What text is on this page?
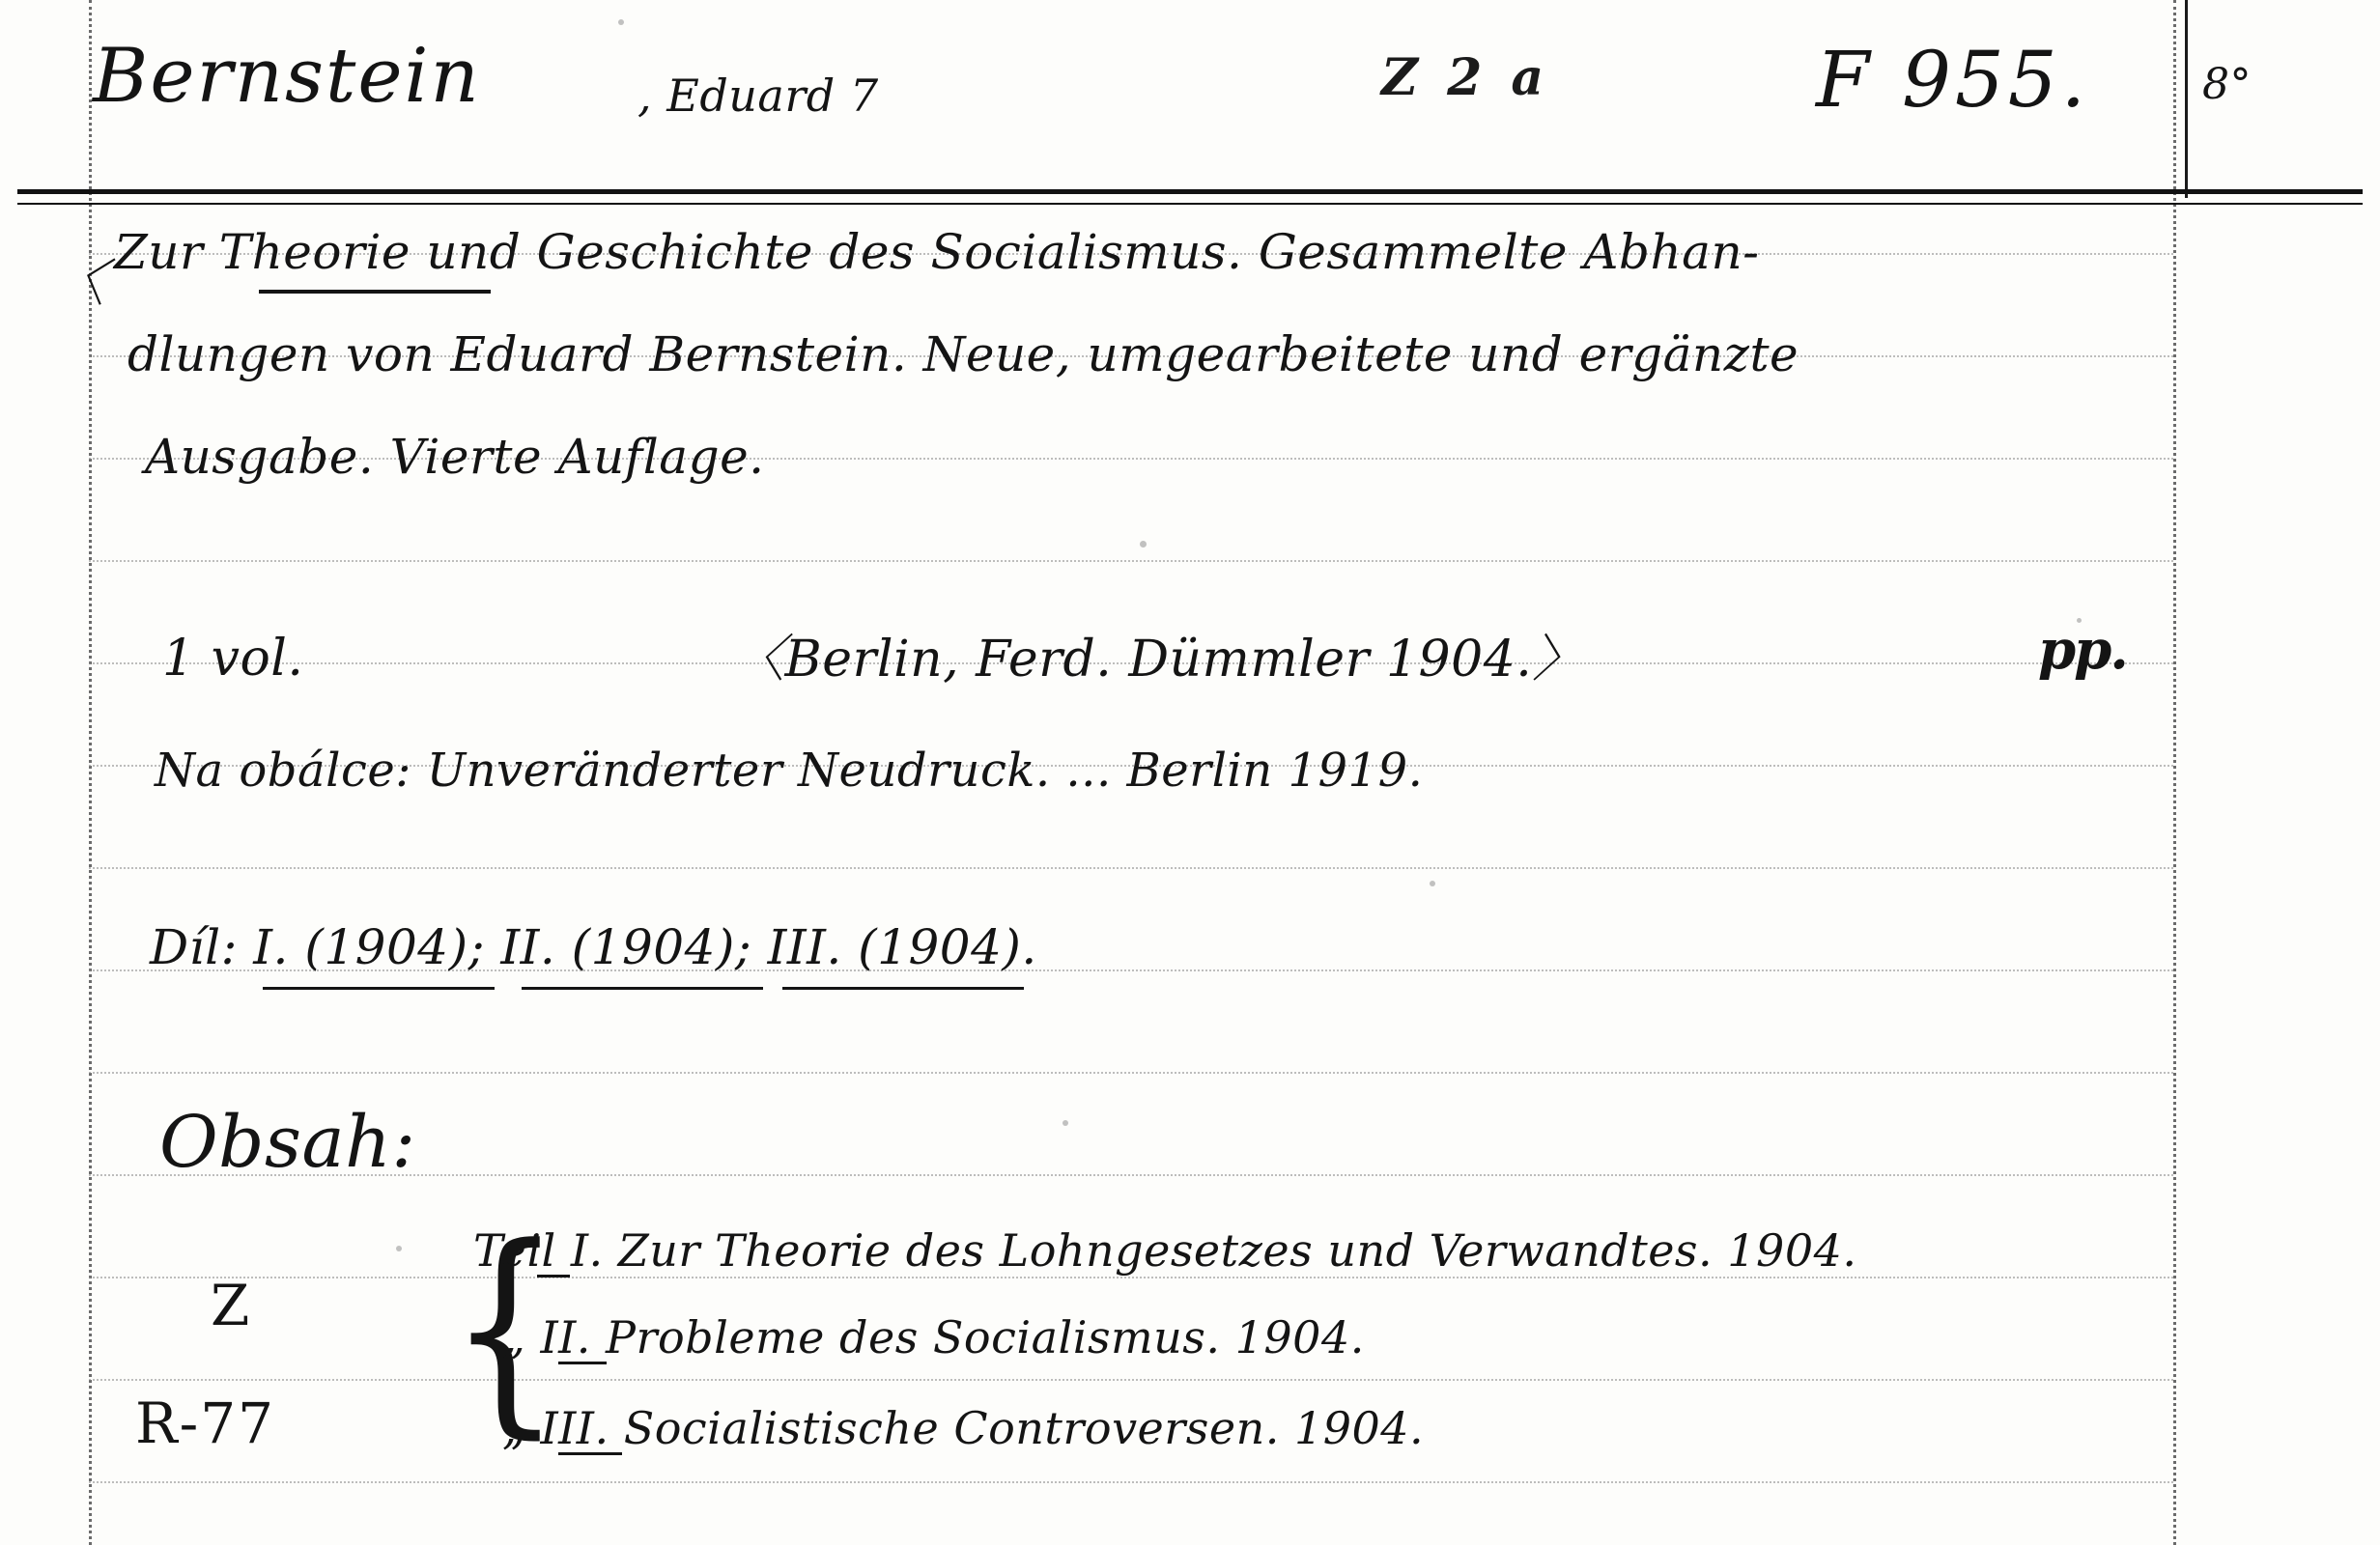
Bernstein	, Eduard 7	Z 2 a	F 955.	8°
〈
Zur Theorie und Geschichte des Socialismus. Gesammelte Abhan-
dlungen von Eduard Bernstein. Neue, umgearbeitete und ergänzte
Ausgabe. Vierte Auflage.
1 vol.	〈Berlin, Ferd. Dümmler 1904.〉	pp.
Na obálce: Unveränderter Neudruck. ... Berlin 1919.
Díl: I. (1904); II. (1904); III. (1904).
Obsah:
Z
R-77 {
Teil I. Zur Theorie des Lohngesetzes und Verwandtes. 1904.
„ II. Probleme des Socialismus. 1904.
„ III. Socialistische Controversen. 1904.
